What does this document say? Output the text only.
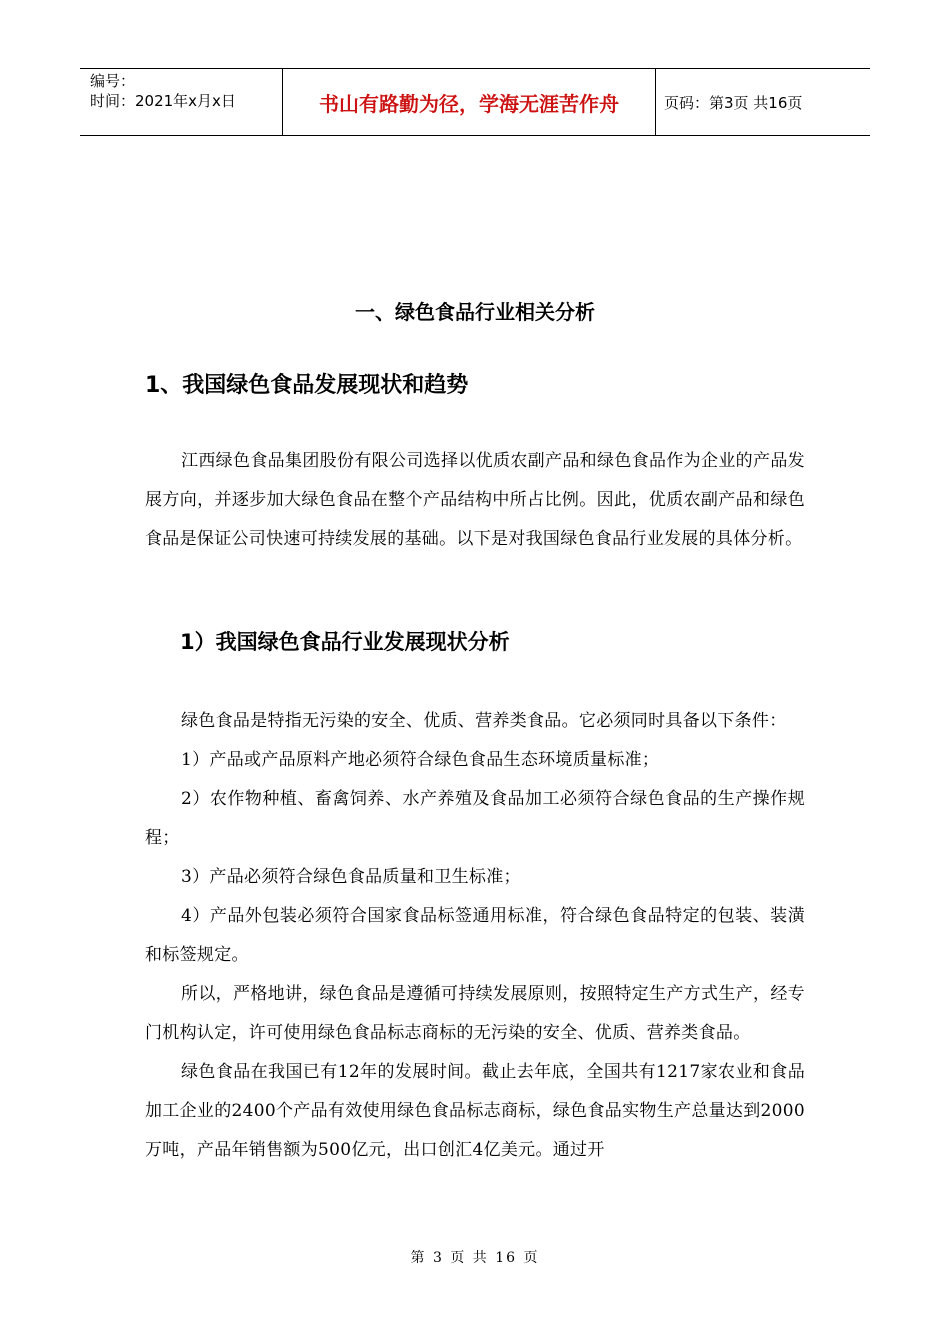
编号：
时间：2021年x月x日	书山有路勤为径，学海无涯苦作舟	页码：第3页 共16页
一、绿色食品行业相关分析
1、我国绿色食品发展现状和趋势

江西绿色食品集团股份有限公司选择以优质农副产品和绿色食品作为企业的产品发展方向，并逐步加大绿色食品在整个产品结构中所占比例。因此，优质农副产品和绿色食品是保证公司快速可持续发展的基础。以下是对我国绿色食品行业发展的具体分析。

1）我国绿色食品行业发展现状分析

绿色食品是特指无污染的安全、优质、营养类食品。它必须同时具备以下条件：

1）产品或产品原料产地必须符合绿色食品生态环境质量标准；

2）农作物种植、畜禽饲养、水产养殖及食品加工必须符合绿色食品的生产操作规程；

3）产品必须符合绿色食品质量和卫生标准；

4）产品外包装必须符合国家食品标签通用标准，符合绿色食品特定的包装、装潢和标签规定。

所以，严格地讲，绿色食品是遵循可持续发展原则，按照特定生产方式生产，经专门机构认定，许可使用绿色食品标志商标的无污染的安全、优质、营养类食品。

绿色食品在我国已有12年的发展时间。截止去年底，全国共有1217家农业和食品加工企业的2400个产品有效使用绿色食品标志商标，绿色食品实物生产总量达到2000万吨，产品年销售额为500亿元，出口创汇4亿美元。通过开

第 3 页 共 16 页
